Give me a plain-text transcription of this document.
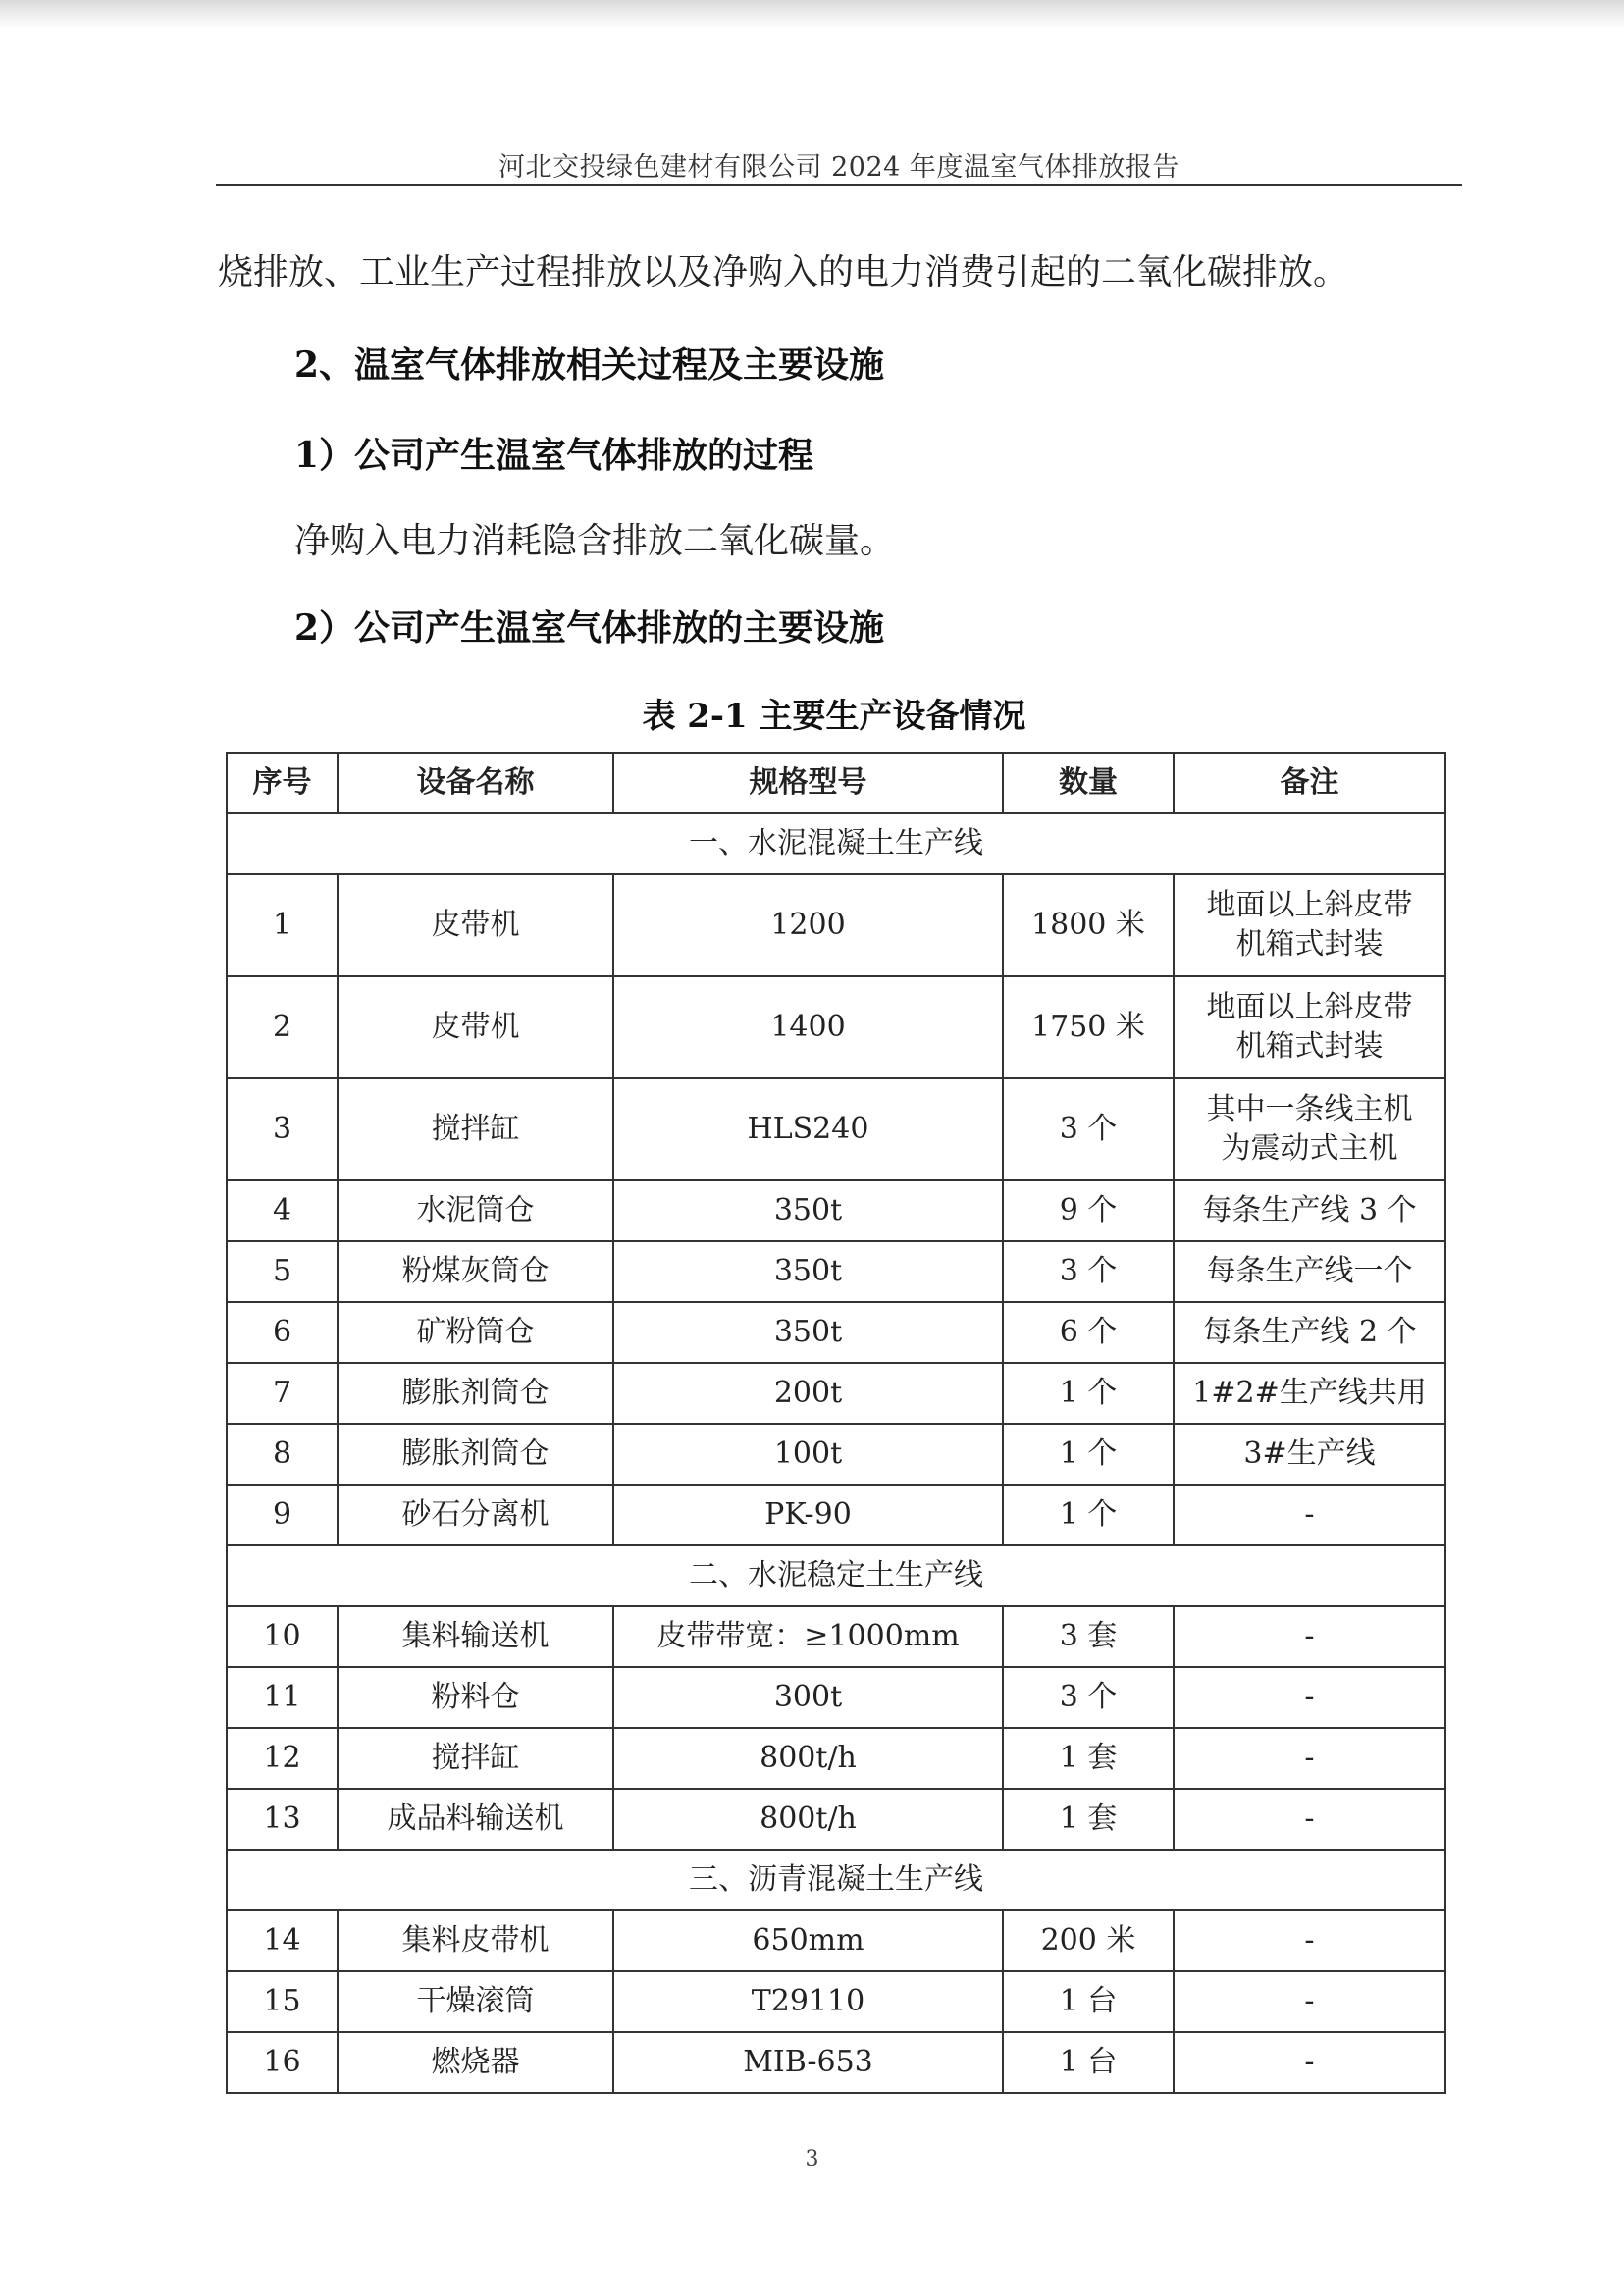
河北交投绿色建材有限公司 2024 年度温室气体排放报告
烧排放、工业生产过程排放以及净购入的电力消费引起的二氧化碳排放。
2、温室气体排放相关过程及主要设施
1）公司产生温室气体排放的过程
净购入电力消耗隐含排放二氧化碳量。
2）公司产生温室气体排放的主要设施
表 2-1 主要生产设备情况
序号	设备名称	规格型号	数量	备注
一、水泥混凝土生产线				
1	皮带机	1200	1800 米	地面以上斜皮带
机箱式封装

2	皮带机	1400	1750 米	地面以上斜皮带
机箱式封装

3	搅拌缸	HLS240	3 个	其中一条线主机
为震动式主机

4	水泥筒仓	350t	9 个	每条生产线 3 个

5	粉煤灰筒仓	350t	3 个	每条生产线一个

6	矿粉筒仓	350t	6 个	每条生产线 2 个

7	膨胀剂筒仓	200t	1 个	1#2#生产线共用

8	膨胀剂筒仓	100t	1 个	3#生产线

9	砂石分离机	PK-90	1 个	-

二、水泥稳定土生产线				
10	集料输送机	皮带带宽：≥1000mm	3 套	-

11	粉料仓	300t	3 个	-

12	搅拌缸	800t/h	1 套	-

13	成品料输送机	800t/h	1 套	-

三、沥青混凝土生产线				
14	集料皮带机	650mm	200 米	-

15	干燥滚筒	T29110	1 台	-

16	燃烧器	MIB-653	1 台	-
3
